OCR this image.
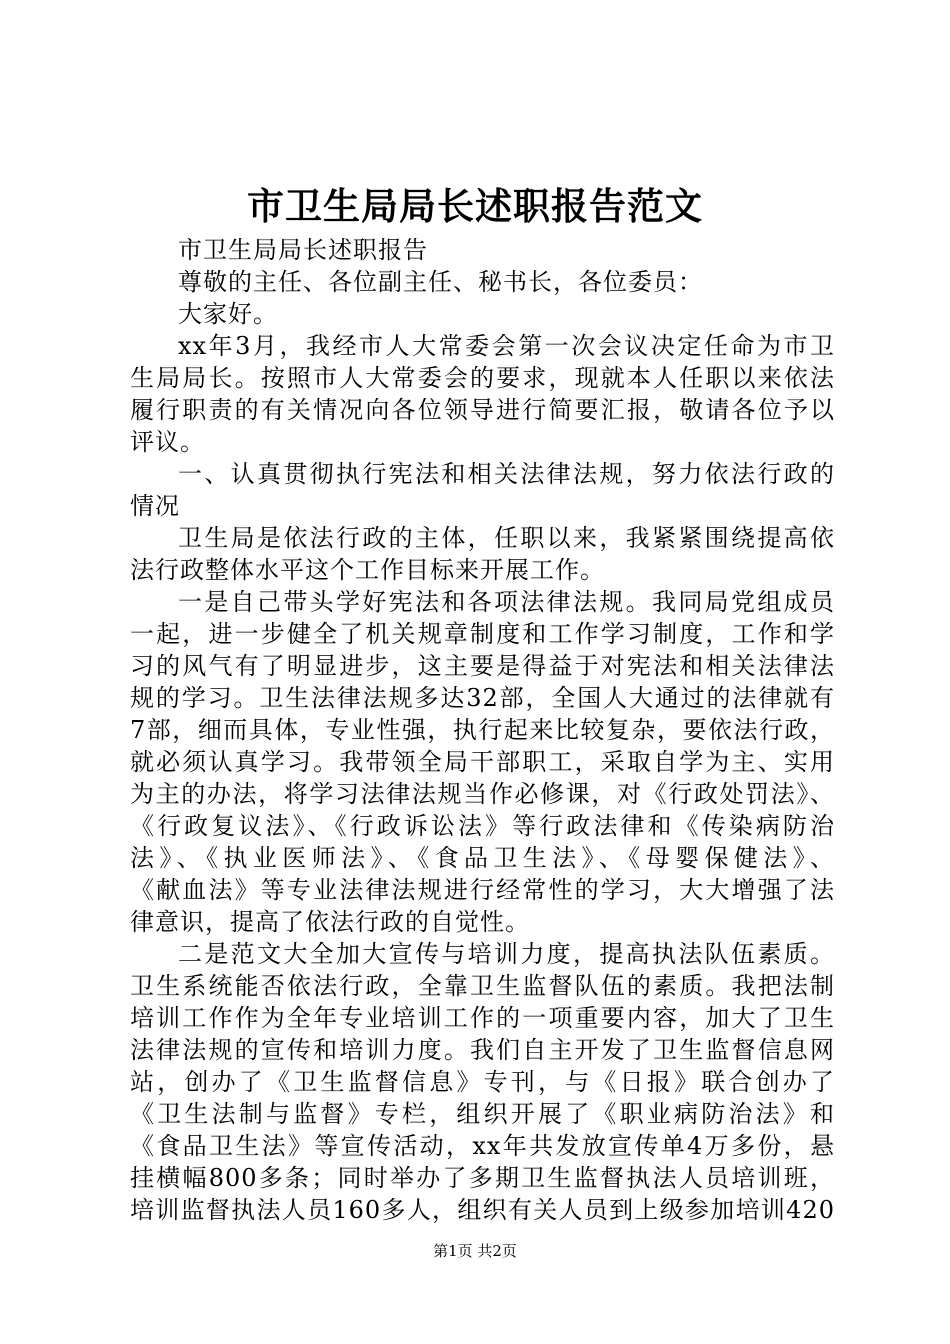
市卫生局局长述职报告范文
市卫生局局长述职报告
尊敬的主任、各位副主任、秘书长，各位委员：
大家好。
xx年3月，我经市人大常委会第一次会议决定任命为市卫
生局局长。按照市人大常委会的要求，现就本人任职以来依法
履行职责的有关情况向各位领导进行简要汇报，敬请各位予以
评议。
一、认真贯彻执行宪法和相关法律法规，努力依法行政的
情况
卫生局是依法行政的主体，任职以来，我紧紧围绕提高依
法行政整体水平这个工作目标来开展工作。
一是自己带头学好宪法和各项法律法规。我同局党组成员
一起，进一步健全了机关规章制度和工作学习制度，工作和学
习的风气有了明显进步，这主要是得益于对宪法和相关法律法
规的学习。卫生法律法规多达32部，全国人大通过的法律就有
7部，细而具体，专业性强，执行起来比较复杂，要依法行政，
就必须认真学习。我带领全局干部职工，采取自学为主、实用
为主的办法，将学习法律法规当作必修课，对《行政处罚法》、
《行政复议法》、《行政诉讼法》等行政法律和《传染病防治
法》、《执业医师法》、《食品卫生法》、《母婴保健法》、
《献血法》等专业法律法规进行经常性的学习，大大增强了法
律意识，提高了依法行政的自觉性。
二是范文大全加大宣传与培训力度，提高执法队伍素质。
卫生系统能否依法行政，全靠卫生监督队伍的素质。我把法制
培训工作作为全年专业培训工作的一项重要内容，加大了卫生
法律法规的宣传和培训力度。我们自主开发了卫生监督信息网
站，创办了《卫生监督信息》专刊，与《日报》联合创办了
《卫生法制与监督》专栏，组织开展了《职业病防治法》和
《食品卫生法》等宣传活动，xx年共发放宣传单4万多份，悬
挂横幅800多条；同时举办了多期卫生监督执法人员培训班，
培训监督执法人员160多人，组织有关人员到上级参加培训420
第1页 共2页
